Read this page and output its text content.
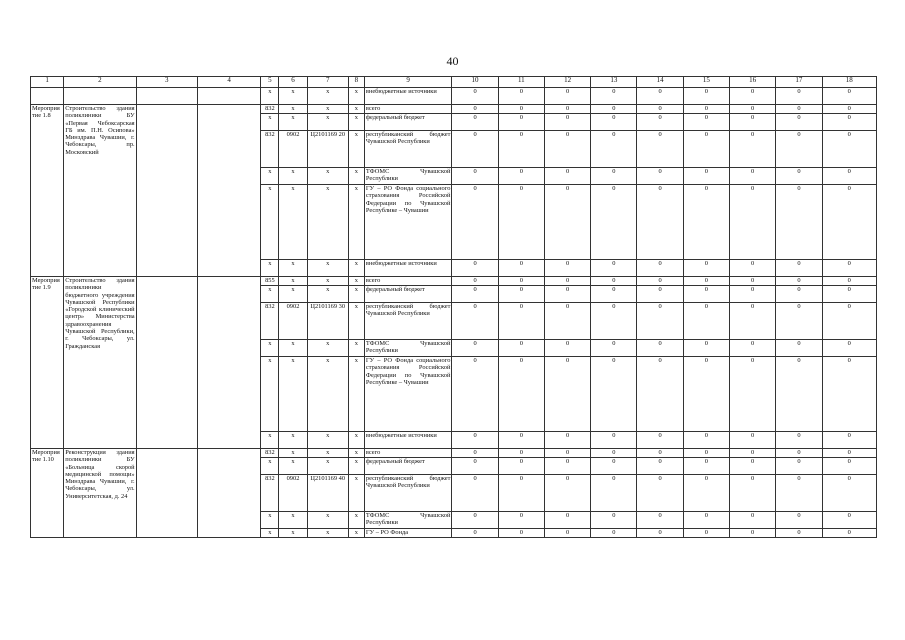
40
1	2	3	4	5	6	7	8	9	10	11	12	13	14	15	16	17	18
				х	х	х	х	внебюджетные источники	0	0	0	0	0	0	0	0	0
Мероприятие 1.8	Строительство здания поликлиники БУ «Первая Чебоксарская ГБ им. П.Н. Осипова» Минздрава Чувашии, г. Чебоксары, пр. Московский			832	х	х	х	всего	0	0	0	0	0	0	0	0	0
				х	х	х	х	федеральный бюджет	0	0	0	0	0	0	0	0	0
				832	0902	Ц2101169 20	х	республиканский бюджет Чувашской Республики	0	0	0	0	0	0	0	0	0
				х	х	х	х	ТФОМС Чувашской Республики	0	0	0	0	0	0	0	0	0
				х	х	х	х	ГУ – РО Фонда социального страхования Российской Федерации по Чувашской Республике – Чувашии	0	0	0	0	0	0	0	0	0
				х	х	х	х	внебюджетные источники	0	0	0	0	0	0	0	0	0
Мероприятие 1.9	Строительство здания поликлиники бюджетного учреждения Чувашской Республики «Городской клинический центр» Министерства здравоохранения Чувашской Республики, г. Чебоксары, ул. Гражданская			855	х	х	х	всего	0	0	0	0	0	0	0	0	0
				х	х	х	х	федеральный бюджет	0	0	0	0	0	0	0	0	0
				832	0902	Ц2101169 30	х	республиканский бюджет Чувашской Республики	0	0	0	0	0	0	0	0	0
				х	х	х	х	ТФОМС Чувашской Республики	0	0	0	0	0	0	0	0	0
				х	х	х	х	ГУ – РО Фонда социального страхования Российской Федерации по Чувашской Республике – Чувашии	0	0	0	0	0	0	0	0	0
				х	х	х	х	внебюджетные источники	0	0	0	0	0	0	0	0	0
Мероприятие 1.10	Реконструкция здания поликлиники БУ «Больница скорой медицинской помощи» Минздрава Чувашии, г. Чебоксары, ул. Университетская, д. 24			832	х	х	х	всего	0	0	0	0	0	0	0	0	0
				х	х	х	х	федеральный бюджет	0	0	0	0	0	0	0	0	0
				832	0902	Ц2101169 40	х	республиканский бюджет Чувашской Республики	0	0	0	0	0	0	0	0	0
				х	х	х	х	ТФОМС Чувашской Республики	0	0	0	0	0	0	0	0	0
				х	х	х	х	ГУ – РО Фонда	0	0	0	0	0	0	0	0	0
